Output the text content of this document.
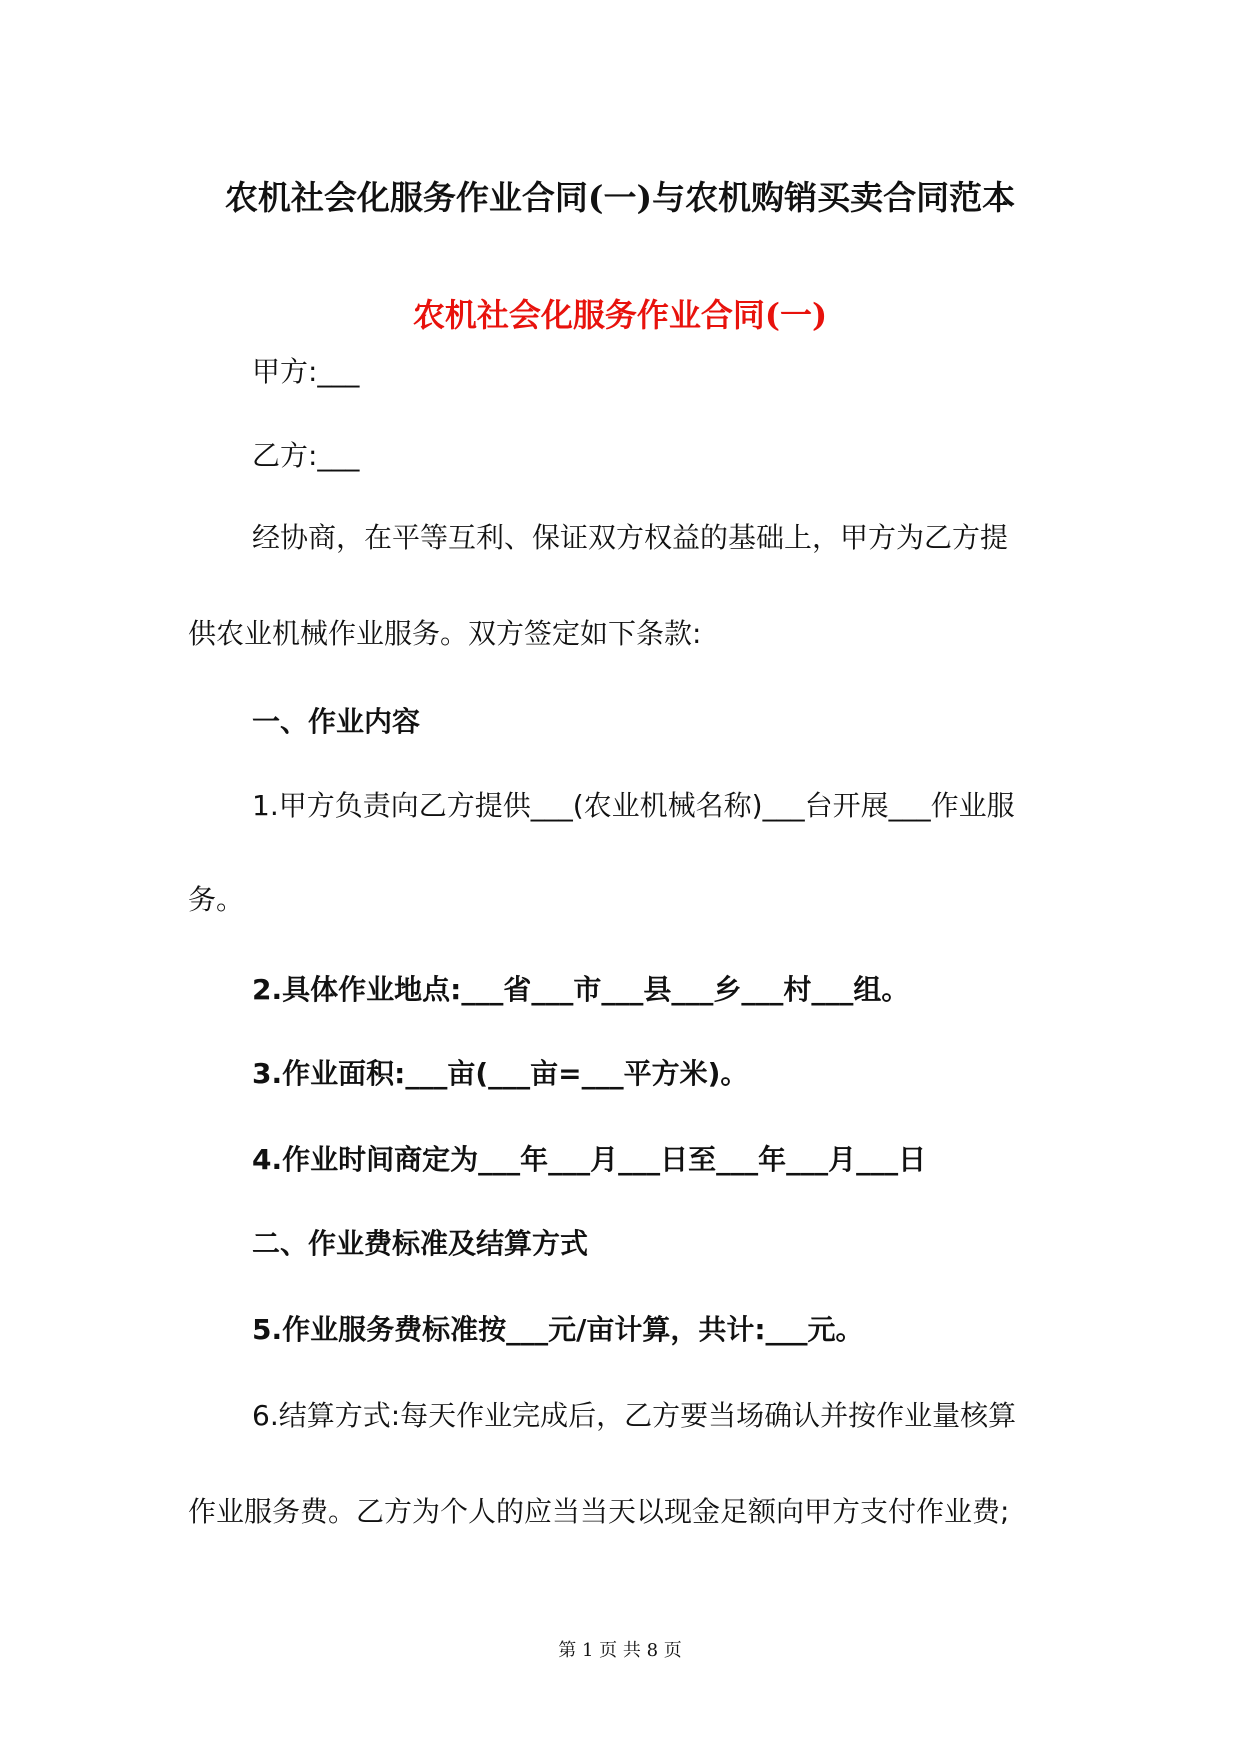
农机社会化服务作业合同(一)与农机购销买卖合同范本
农机社会化服务作业合同(一)
甲方:___
乙方:___
经协商，在平等互利、保证双方权益的基础上，甲方为乙方提
供农业机械作业服务。双方签定如下条款:
一、作业内容
1.甲方负责向乙方提供___(农业机械名称)___台开展___作业服
务。
2.具体作业地点:___省___市___县___乡___村___组。
3.作业面积:___亩(___亩=___平方米)。
4.作业时间商定为___年___月___日至___年___月___日
二、作业费标准及结算方式
5.作业服务费标准按___元/亩计算，共计:___元。
6.结算方式:每天作业完成后，乙方要当场确认并按作业量核算
作业服务费。乙方为个人的应当当天以现金足额向甲方支付作业费;
第 1 页 共 8 页
